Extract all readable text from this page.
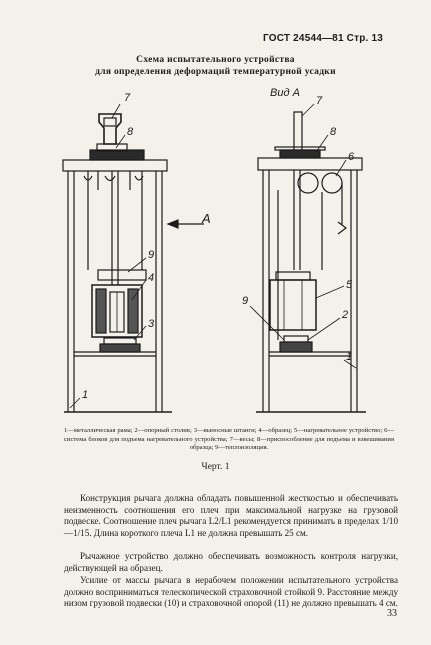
ГОСТ 24544—81 Стр. 13
Схема испытательного устройства
для определения деформаций температурной усадки
7
8
9
4
3
1
А
Вид А
7
8
6
5
2
1
9
1—металлическая рама; 2—опорный столик; 3—выносные штанги; 4—образец; 5—нагревательное устройство; 6—система блоков для подъема нагревательного устройства; 7—весы; 8—приспособление для подъема и взвешивания образца; 9—теплоизоляция.
Черт. 1
Конструкция рычага должна обладать повышенной жесткостью и обеспечивать неизменность соотношения его плеч при максимальной нагрузке на грузовой подвеске. Соотношение плеч рычага L2/L1 рекомендуется принимать в пределах 1/10—1/15. Длина короткого плеча L1 не должна превышать 25 см.
Рычажное устройство должно обеспечивать возможность контроля нагрузки, действующей на образец.
Усилие от массы рычага в нерабочем положении испытательного устройства должно восприниматься телескопической страховочной стойкой 9. Расстояние между низом грузовой подвески (10) и страховочной опорой (11) не должно превышать 4 см.
33
